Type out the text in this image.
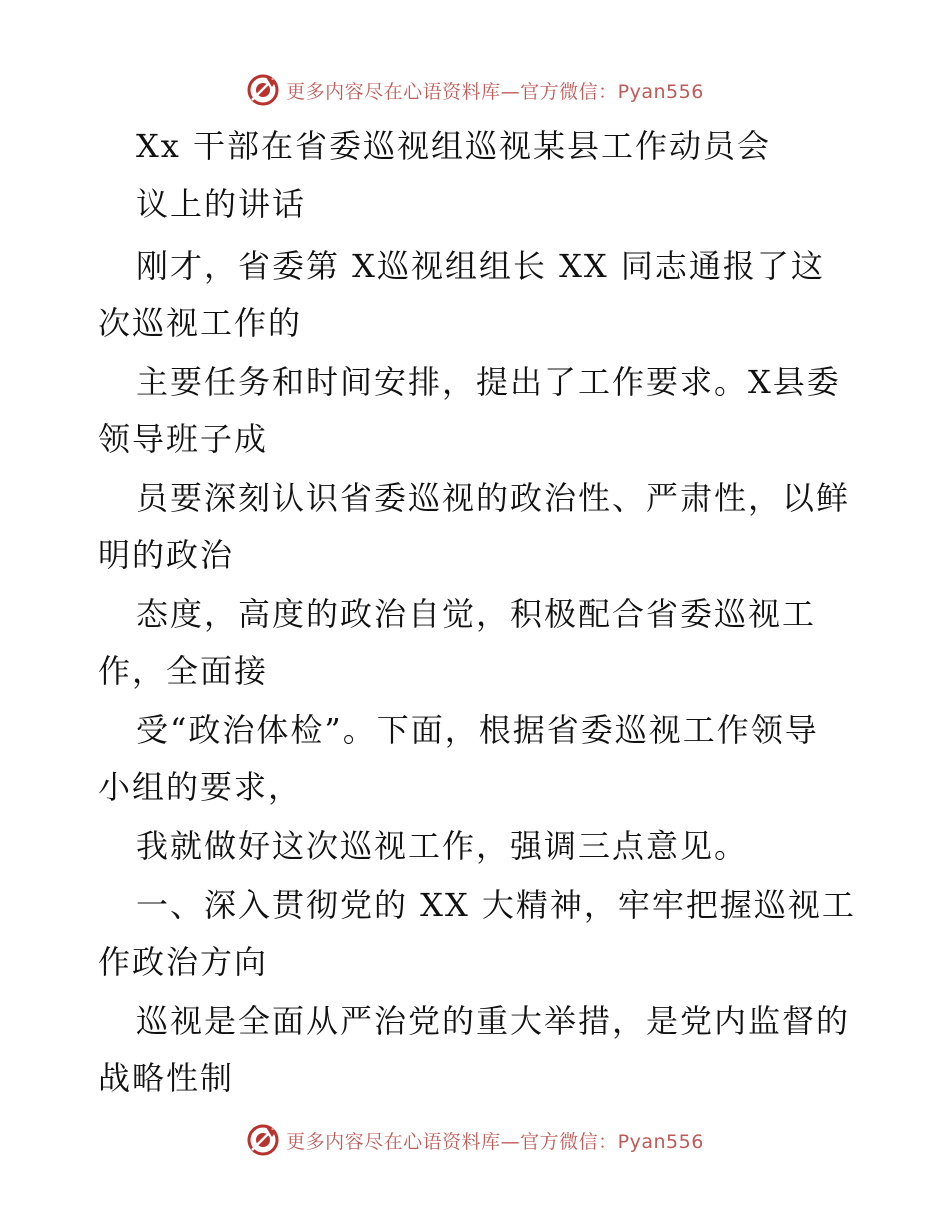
更多内容尽在心语资料库—官方微信：Pyan556
Xx 干部在省委巡视组巡视某县工作动员会
议上的讲话
刚才，省委第 X巡视组组长 XX 同志通报了这
次巡视工作的
主要任务和时间安排，提出了工作要求。X县委
领导班子成
员要深刻认识省委巡视的政治性、严肃性，以鲜
明的政治
态度，高度的政治自觉，积极配合省委巡视工
作，全面接
受“政治体检”。下面，根据省委巡视工作领导
小组的要求，
我就做好这次巡视工作，强调三点意见。
一、深入贯彻党的 XX 大精神，牢牢把握巡视工
作政治方向
巡视是全面从严治党的重大举措，是党内监督的
战略性制
更多内容尽在心语资料库—官方微信：Pyan556
